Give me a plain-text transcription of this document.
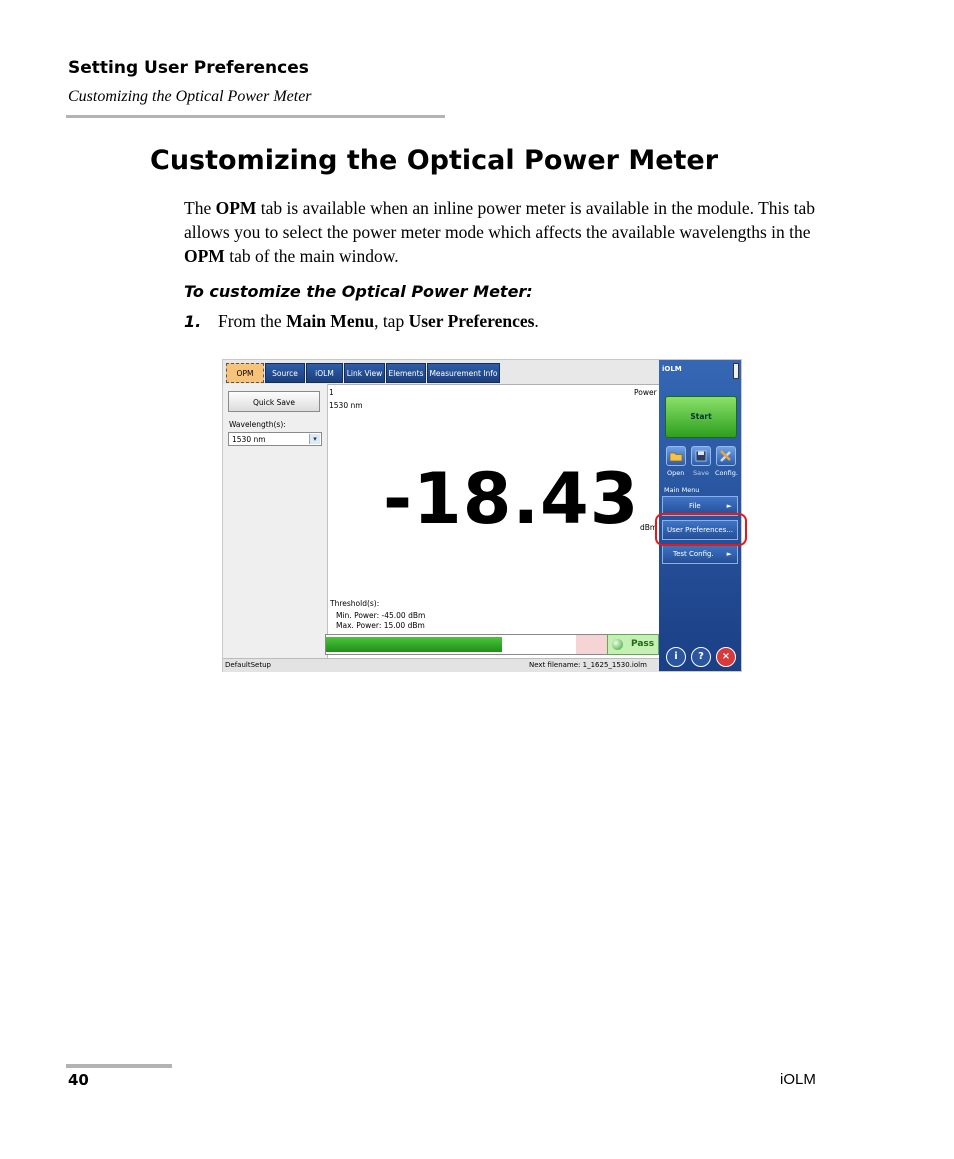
Setting User Preferences
Customizing the Optical Power Meter
Customizing the Optical Power Meter
The OPM tab is available when an inline power meter is available in the module. This tab allows you to select the power meter mode which affects the available wavelengths in the OPM tab of the main window.
To customize the Optical Power Meter:
1. From the Main Menu, tap User Preferences.
OPM	Source	iOLM	Link View Elements Measurement Info
Quick Save
Wavelength(s):
1530 nm	▾
1
1530 nm
Power
-18.43 dBm
Threshold(s):
Min. Power: -45.00 dBm
Max. Power: 15.00 dBm
Pass
DefaultSetup	Next filename: 1_1625_1530.iolm
iOLM
Start
Open Save Config.
Main Menu
File	►
User Preferences...
Test Config. ►
i	?	×
40	iOLM
